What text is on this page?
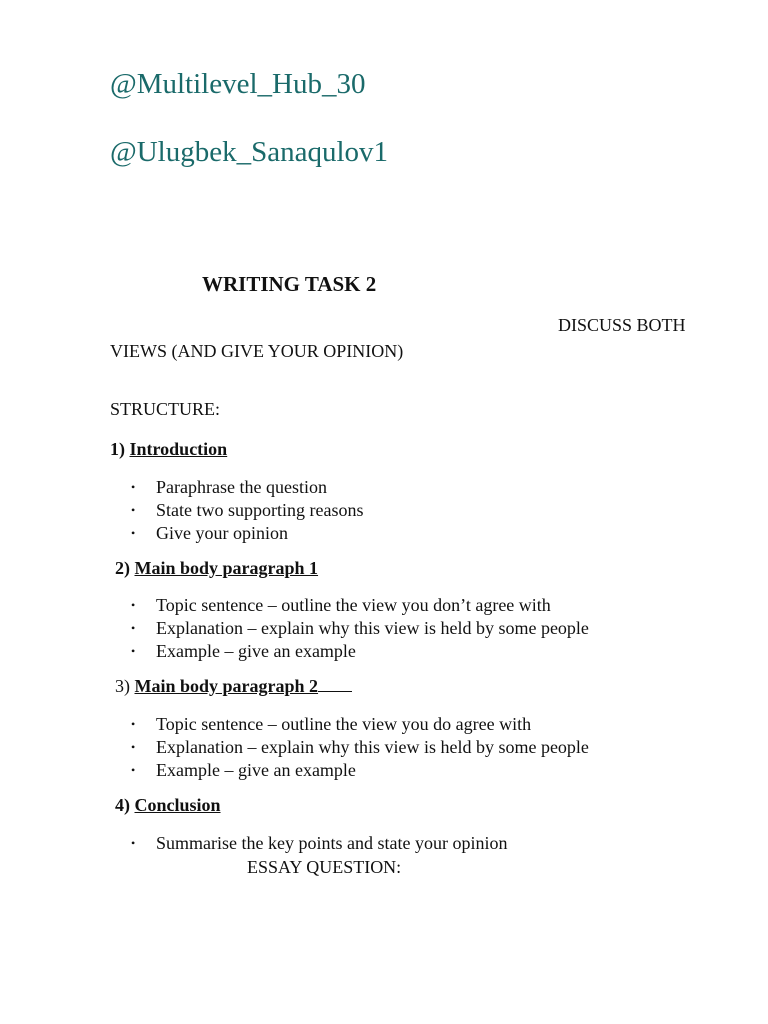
@Multilevel_Hub_30
@Ulugbek_Sanaqulov1
WRITING TASK 2
DISCUSS BOTH
VIEWS (AND GIVE YOUR OPINION)
STRUCTURE:
1) Introduction
• Paraphrase the question
• State two supporting reasons
• Give your opinion
2) Main body paragraph 1
• Topic sentence – outline the view you don’t agree with
• Explanation – explain why this view is held by some people
• Example – give an example
3) Main body paragraph 2
• Topic sentence – outline the view you do agree with
• Explanation – explain why this view is held by some people
• Example – give an example
4) Conclusion
• Summarise the key points and state your opinion
ESSAY QUESTION:
